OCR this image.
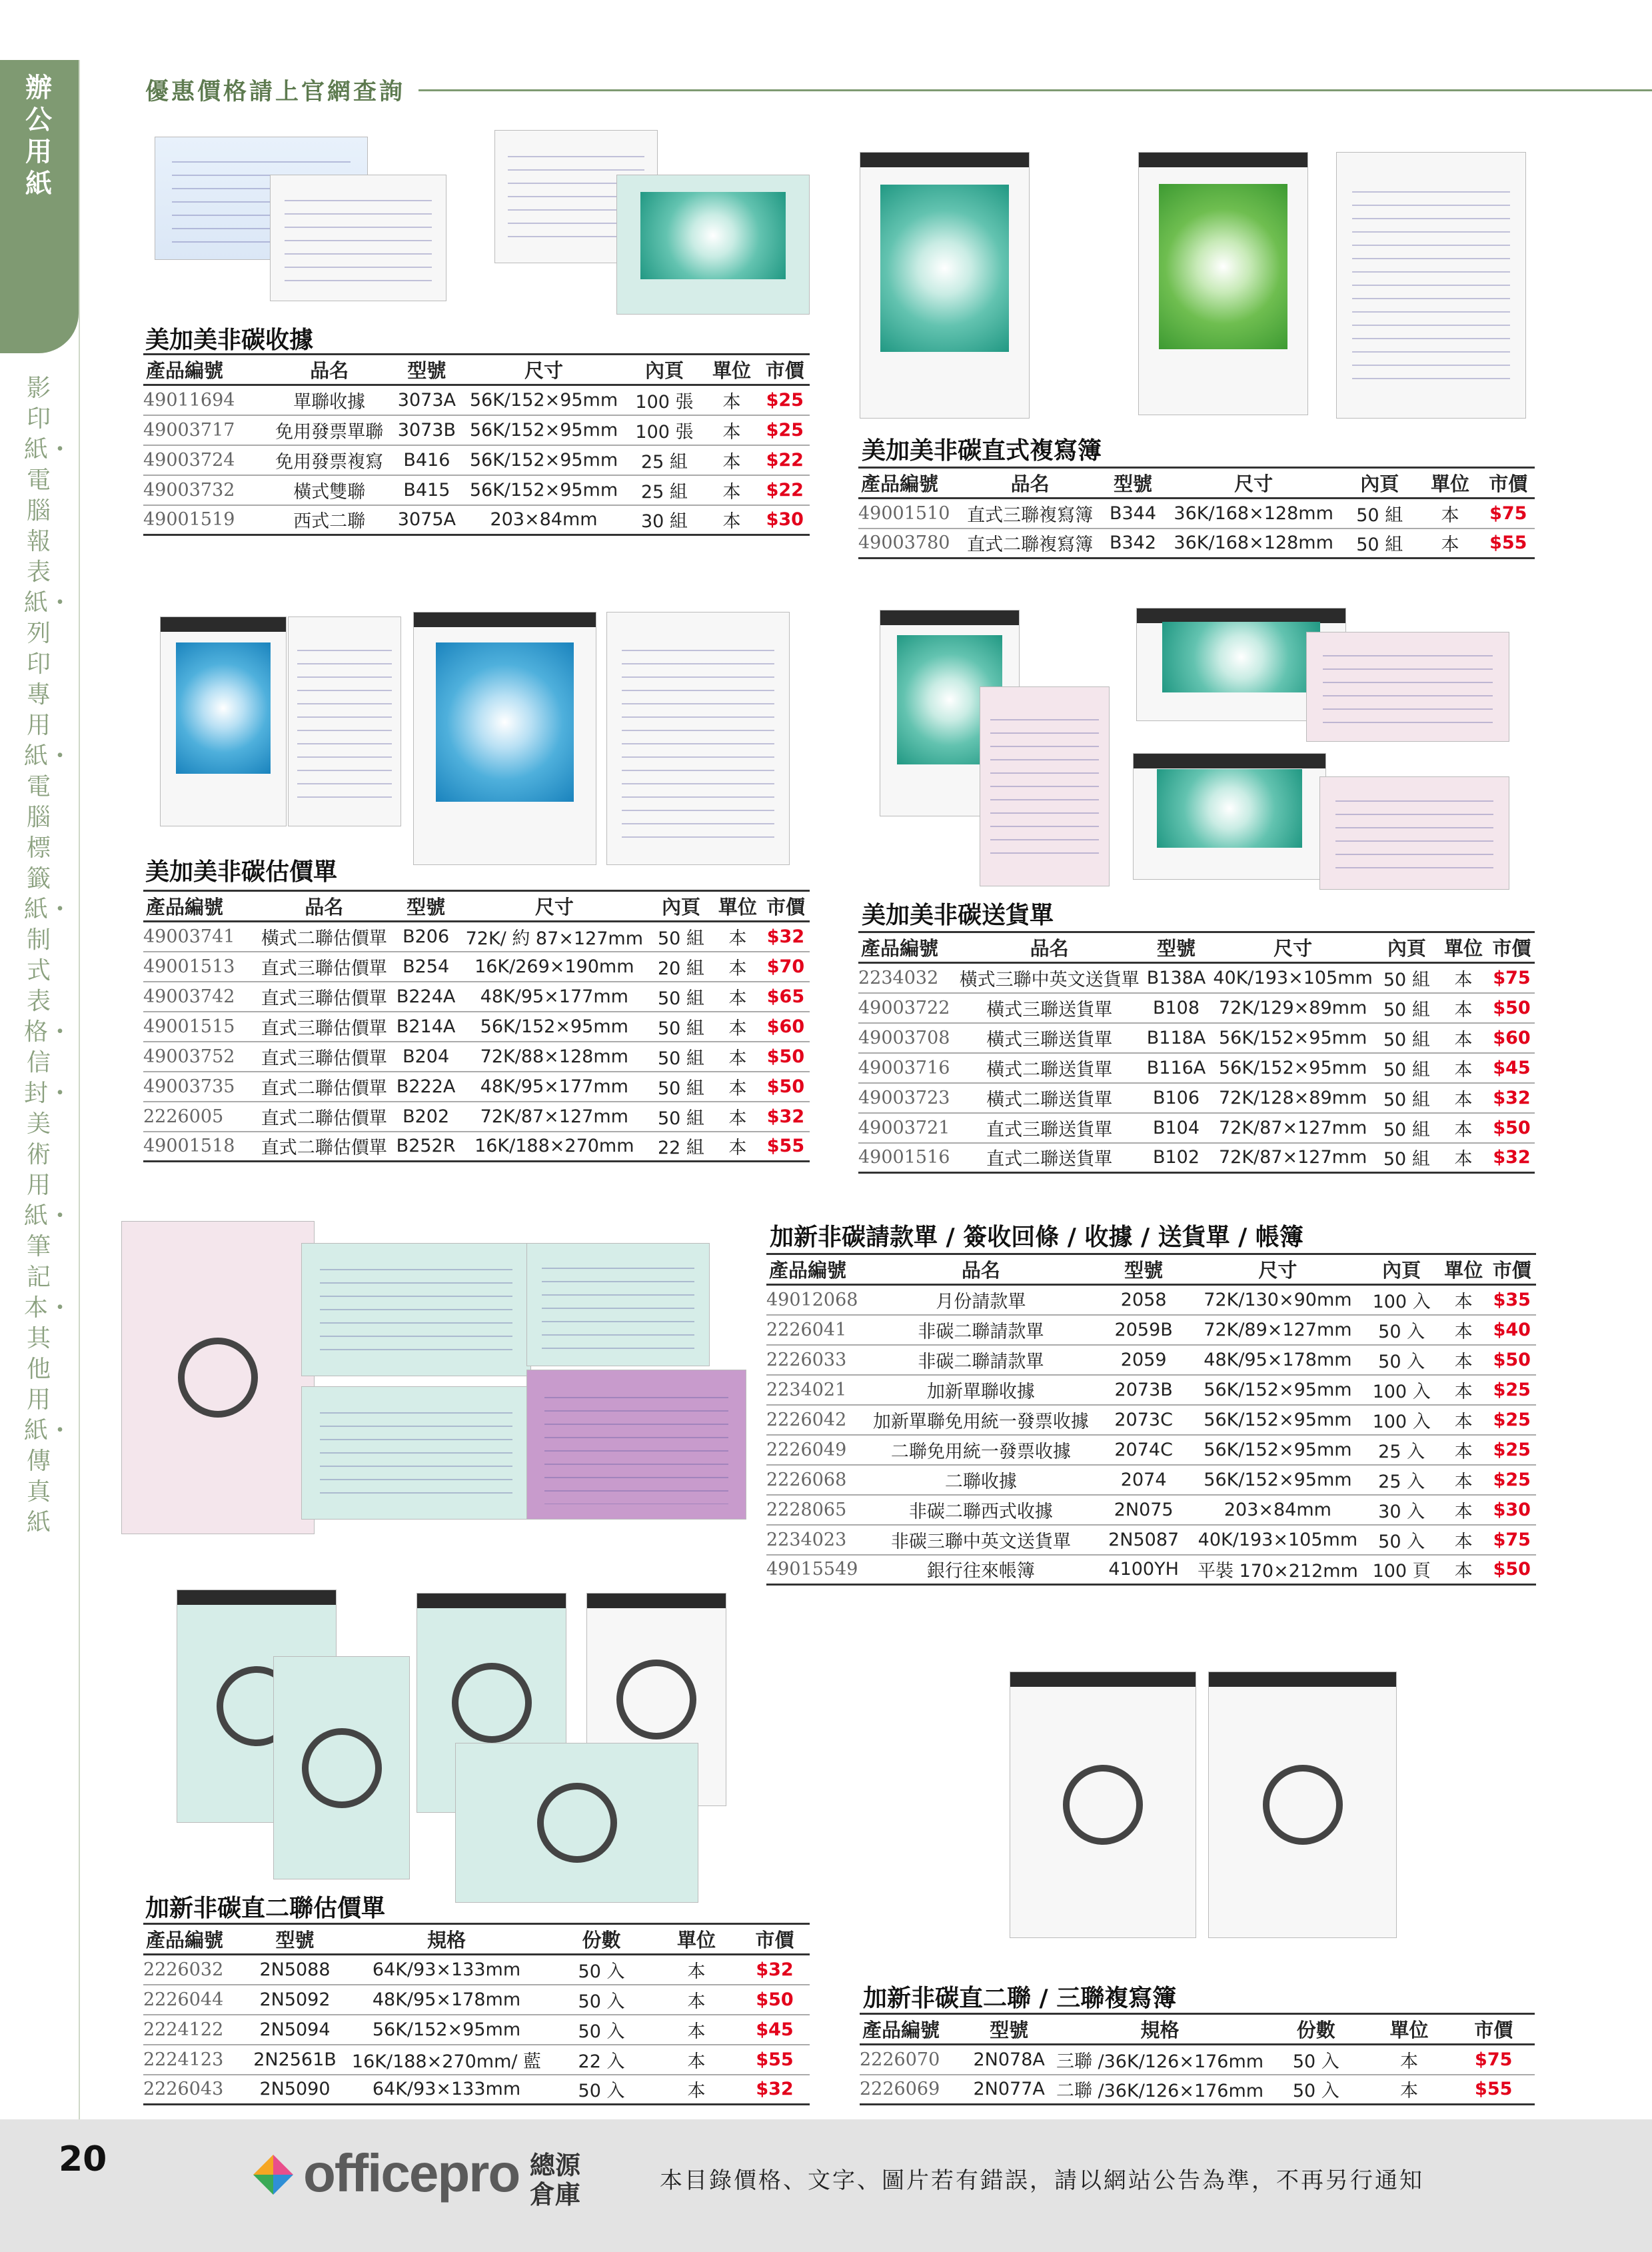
辦公用紙
影印紙・電腦報表紙・列印專用紙・電腦標籤紙・制式表格・信封・美術用紙・筆記本・其他用紙・傳真紙
優惠價格請上官網查詢
美加美非碳收據
美加美非碳直式複寫簿
美加美非碳估價單
美加美非碳送貨單
加新非碳請款單 / 簽收回條 / 收據 / 送貨單 / 帳簿
加新非碳直二聯估價單
加新非碳直二聯 / 三聯複寫簿
產品編號	品名	型號	尺寸	內頁	單位	市價
49011694	單聯收據	3073A	56K/152×95mm	100 張	本	$25
49003717	免用發票單聯	3073B	56K/152×95mm	100 張	本	$25
49003724	免用發票複寫	B416	56K/152×95mm	25 組	本	$22
49003732	橫式雙聯	B415	56K/152×95mm	25 組	本	$22
49001519	西式二聯	3075A	203×84mm	30 組	本	$30
產品編號	品名	型號	尺寸	內頁	單位	市價
49001510	直式三聯複寫簿	B344	36K/168×128mm	50 組	本	$75
49003780	直式二聯複寫簿	B342	36K/168×128mm	50 組	本	$55
產品編號	品名	型號	尺寸	內頁	單位	市價
49003741	橫式二聯估價單	B206	72K/ 約 87×127mm	50 組	本	$32
49001513	直式三聯估價單	B254	16K/269×190mm	20 組	本	$70
49003742	直式三聯估價單	B224A	48K/95×177mm	50 組	本	$65
49001515	直式三聯估價單	B214A	56K/152×95mm	50 組	本	$60
49003752	直式三聯估價單	B204	72K/88×128mm	50 組	本	$50
49003735	直式二聯估價單	B222A	48K/95×177mm	50 組	本	$50
2226005	直式二聯估價單	B202	72K/87×127mm	50 組	本	$32
49001518	直式二聯估價單	B252R	16K/188×270mm	22 組	本	$55
產品編號	品名	型號	尺寸	內頁	單位	市價
2234032	橫式三聯中英文送貨單	B138A	40K/193×105mm	50 組	本	$75
49003722	橫式三聯送貨單	B108	72K/129×89mm	50 組	本	$50
49003708	橫式三聯送貨單	B118A	56K/152×95mm	50 組	本	$60
49003716	橫式二聯送貨單	B116A	56K/152×95mm	50 組	本	$45
49003723	橫式二聯送貨單	B106	72K/128×89mm	50 組	本	$32
49003721	直式三聯送貨單	B104	72K/87×127mm	50 組	本	$50
49001516	直式二聯送貨單	B102	72K/87×127mm	50 組	本	$32
產品編號	品名	型號	尺寸	內頁	單位	市價
49012068	月份請款單	2058	72K/130×90mm	100 入	本	$35
2226041	非碳二聯請款單	2059B	72K/89×127mm	50 入	本	$40
2226033	非碳二聯請款單	2059	48K/95×178mm	50 入	本	$50
2234021	加新單聯收據	2073B	56K/152×95mm	100 入	本	$25
2226042	加新單聯免用統一發票收據	2073C	56K/152×95mm	100 入	本	$25
2226049	二聯免用統一發票收據	2074C	56K/152×95mm	25 入	本	$25
2226068	二聯收據	2074	56K/152×95mm	25 入	本	$25
2228065	非碳二聯西式收據	2N075	203×84mm	30 入	本	$30
2234023	非碳三聯中英文送貨單	2N5087	40K/193×105mm	50 入	本	$75
49015549	銀行往來帳簿	4100YH	平裝 170×212mm	100 頁	本	$50
產品編號	型號	規格	份數	單位	市價
2226032	2N5088	64K/93×133mm	50 入	本	$32
2226044	2N5092	48K/95×178mm	50 入	本	$50
2224122	2N5094	56K/152×95mm	50 入	本	$45
2224123	2N2561B	16K/188×270mm/ 藍	22 入	本	$55
2226043	2N5090	64K/93×133mm	50 入	本	$32
產品編號	型號	規格	份數	單位	市價
2226070	2N078A	三聯 /36K/126×176mm	50 入	本	$75
2226069	2N077A	二聯 /36K/126×176mm	50 入	本	$55
20	officepro 總源
倉庫	本目錄價格、文字、圖片若有錯誤，請以網站公告為準，不再另行通知
